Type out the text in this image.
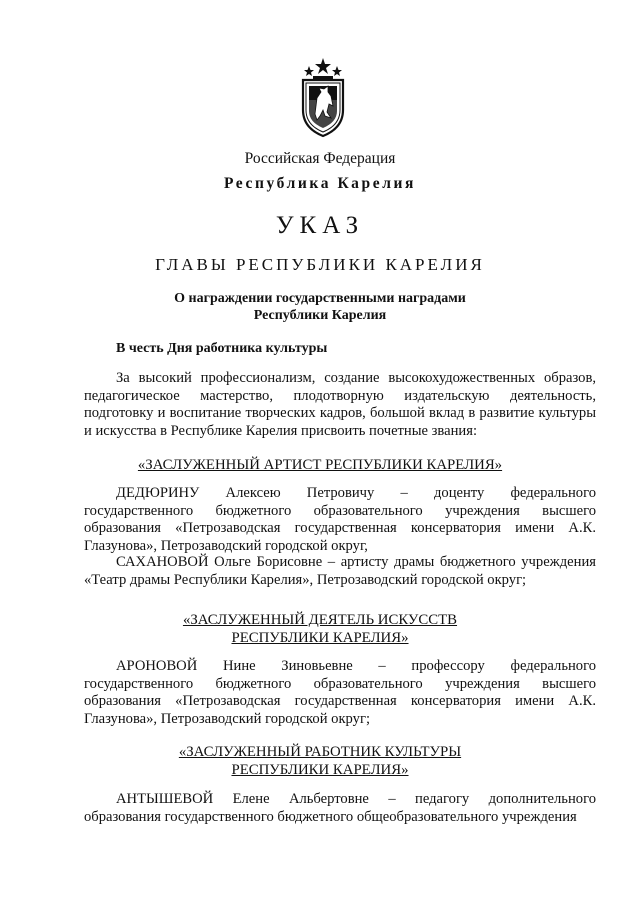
Российская Федерация
Республика Карелия
УКАЗ
ГЛАВЫ РЕСПУБЛИКИ КАРЕЛИЯ
О награждении государственными наградами
Республики Карелия
В честь Дня работника культуры

За высокий профессионализм, создание высокохудожественных образов, педагогическое мастерство, плодотворную издательскую деятельность, подготовку и воспитание творческих кадров, большой вклад в развитие культуры и искусства в Республике Карелия присвоить почетные звания:

«ЗАСЛУЖЕННЫЙ АРТИСТ РЕСПУБЛИКИ КАРЕЛИЯ»

ДЕДЮРИНУ Алексею Петровичу – доценту федерального государственного бюджетного образовательного учреждения высшего образования «Петрозаводская государственная консерватория имени А.К. Глазунова», Петрозаводский городской округ,

САХАНОВОЙ Ольге Борисовне – артисту драмы бюджетного учреждения «Театр драмы Республики Карелия», Петрозаводский городской округ;

«ЗАСЛУЖЕННЫЙ ДЕЯТЕЛЬ ИСКУССТВ
РЕСПУБЛИКИ КАРЕЛИЯ»

АРОНОВОЙ Нине Зиновьевне – профессору федерального государственного бюджетного образовательного учреждения высшего образования «Петрозаводская государственная консерватория имени А.К. Глазунова», Петрозаводский городской округ;

«ЗАСЛУЖЕННЫЙ РАБОТНИК КУЛЬТУРЫ
РЕСПУБЛИКИ КАРЕЛИЯ»

АНТЫШЕВОЙ Елене Альбертовне – педагогу дополнительного образования государственного бюджетного общеобразовательного учреждения
